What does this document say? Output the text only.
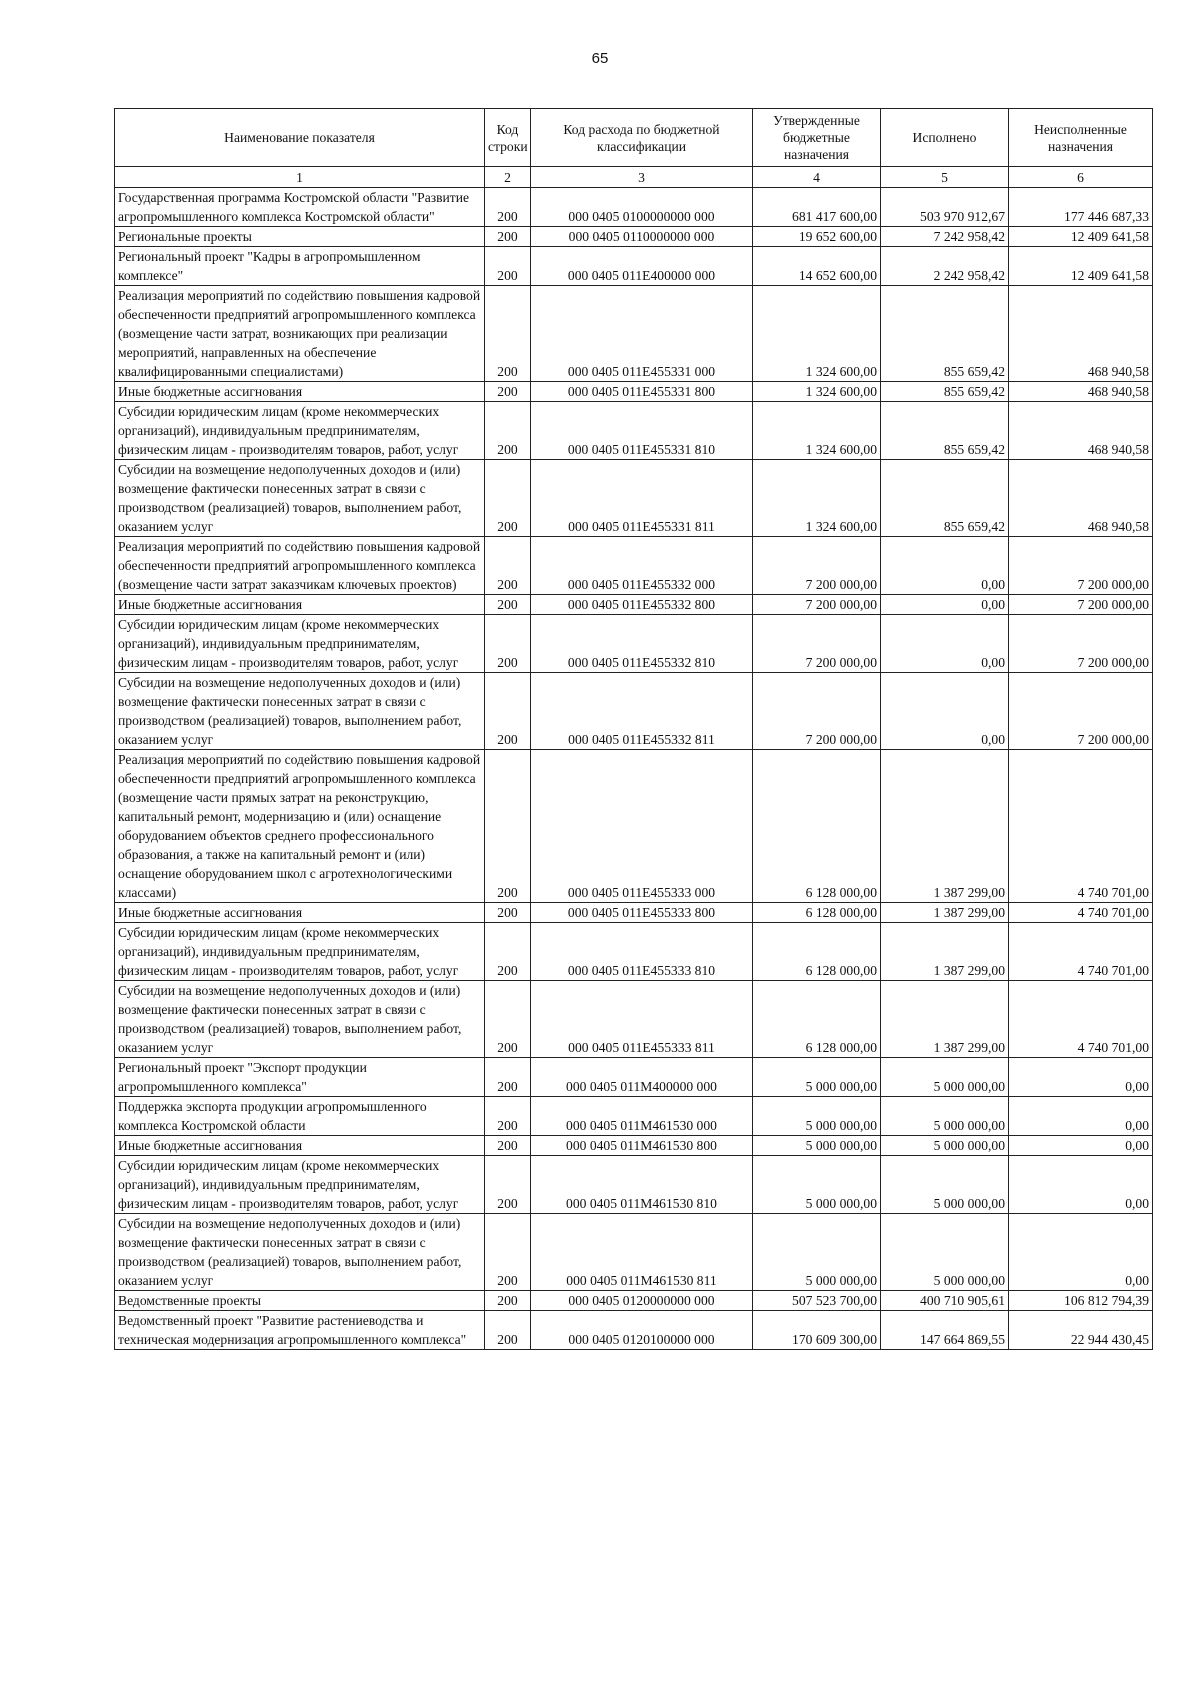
65
Наименование показателя	Код строки	Код расхода по бюджетной классификации	Утвержденные бюджетные назначения	Исполнено	Неисполненные назначения
1	2	3	4	5	6
Государственная программа Костромской области "Развитие агропромышленного комплекса Костромской области"	200	000 0405 0100000000 000	681 417 600,00	503 970 912,67	177 446 687,33
Региональные проекты	200	000 0405 0110000000 000	19 652 600,00	7 242 958,42	12 409 641,58
Региональный проект "Кадры в агропромышленном комплексе"	200	000 0405 011E400000 000	14 652 600,00	2 242 958,42	12 409 641,58
Реализация мероприятий по содействию повышения кадровой обеспеченности предприятий агропромышленного комплекса (возмещение части затрат, возникающих при реализации мероприятий, направленных на обеспечение квалифицированными специалистами)	200	000 0405 011E455331 000	1 324 600,00	855 659,42	468 940,58
Иные бюджетные ассигнования	200	000 0405 011E455331 800	1 324 600,00	855 659,42	468 940,58
Субсидии юридическим лицам (кроме некоммерческих организаций), индивидуальным предпринимателям, физическим лицам - производителям товаров, работ, услуг	200	000 0405 011E455331 810	1 324 600,00	855 659,42	468 940,58
Субсидии на возмещение недополученных доходов и (или) возмещение фактически понесенных затрат в связи с производством (реализацией) товаров, выполнением работ, оказанием услуг	200	000 0405 011E455331 811	1 324 600,00	855 659,42	468 940,58
Реализация мероприятий по содействию повышения кадровой обеспеченности предприятий агропромышленного комплекса (возмещение части затрат заказчикам ключевых проектов)	200	000 0405 011E455332 000	7 200 000,00	0,00	7 200 000,00
Иные бюджетные ассигнования	200	000 0405 011E455332 800	7 200 000,00	0,00	7 200 000,00
Субсидии юридическим лицам (кроме некоммерческих организаций), индивидуальным предпринимателям, физическим лицам - производителям товаров, работ, услуг	200	000 0405 011E455332 810	7 200 000,00	0,00	7 200 000,00
Субсидии на возмещение недополученных доходов и (или) возмещение фактически понесенных затрат в связи с производством (реализацией) товаров, выполнением работ, оказанием услуг	200	000 0405 011E455332 811	7 200 000,00	0,00	7 200 000,00
Реализация мероприятий по содействию повышения кадровой обеспеченности предприятий агропромышленного комплекса (возмещение части прямых затрат на реконструкцию, капитальный ремонт, модернизацию и (или) оснащение оборудованием объектов среднего профессионального образования, а также на капитальный ремонт и (или) оснащение оборудованием школ с агротехнологическими классами)	200	000 0405 011E455333 000	6 128 000,00	1 387 299,00	4 740 701,00
Иные бюджетные ассигнования	200	000 0405 011E455333 800	6 128 000,00	1 387 299,00	4 740 701,00
Субсидии юридическим лицам (кроме некоммерческих организаций), индивидуальным предпринимателям, физическим лицам - производителям товаров, работ, услуг	200	000 0405 011E455333 810	6 128 000,00	1 387 299,00	4 740 701,00
Субсидии на возмещение недополученных доходов и (или) возмещение фактически понесенных затрат в связи с производством (реализацией) товаров, выполнением работ, оказанием услуг	200	000 0405 011E455333 811	6 128 000,00	1 387 299,00	4 740 701,00
Региональный проект "Экспорт продукции агропромышленного комплекса"	200	000 0405 011M400000 000	5 000 000,00	5 000 000,00	0,00
Поддержка экспорта продукции агропромышленного комплекса Костромской области	200	000 0405 011M461530 000	5 000 000,00	5 000 000,00	0,00
Иные бюджетные ассигнования	200	000 0405 011M461530 800	5 000 000,00	5 000 000,00	0,00
Субсидии юридическим лицам (кроме некоммерческих организаций), индивидуальным предпринимателям, физическим лицам - производителям товаров, работ, услуг	200	000 0405 011M461530 810	5 000 000,00	5 000 000,00	0,00
Субсидии на возмещение недополученных доходов и (или) возмещение фактически понесенных затрат в связи с производством (реализацией) товаров, выполнением работ, оказанием услуг	200	000 0405 011M461530 811	5 000 000,00	5 000 000,00	0,00
Ведомственные проекты	200	000 0405 0120000000 000	507 523 700,00	400 710 905,61	106 812 794,39
Ведомственный проект "Развитие растениеводства и техническая модернизация агропромышленного комплекса"	200	000 0405 0120100000 000	170 609 300,00	147 664 869,55	22 944 430,45
